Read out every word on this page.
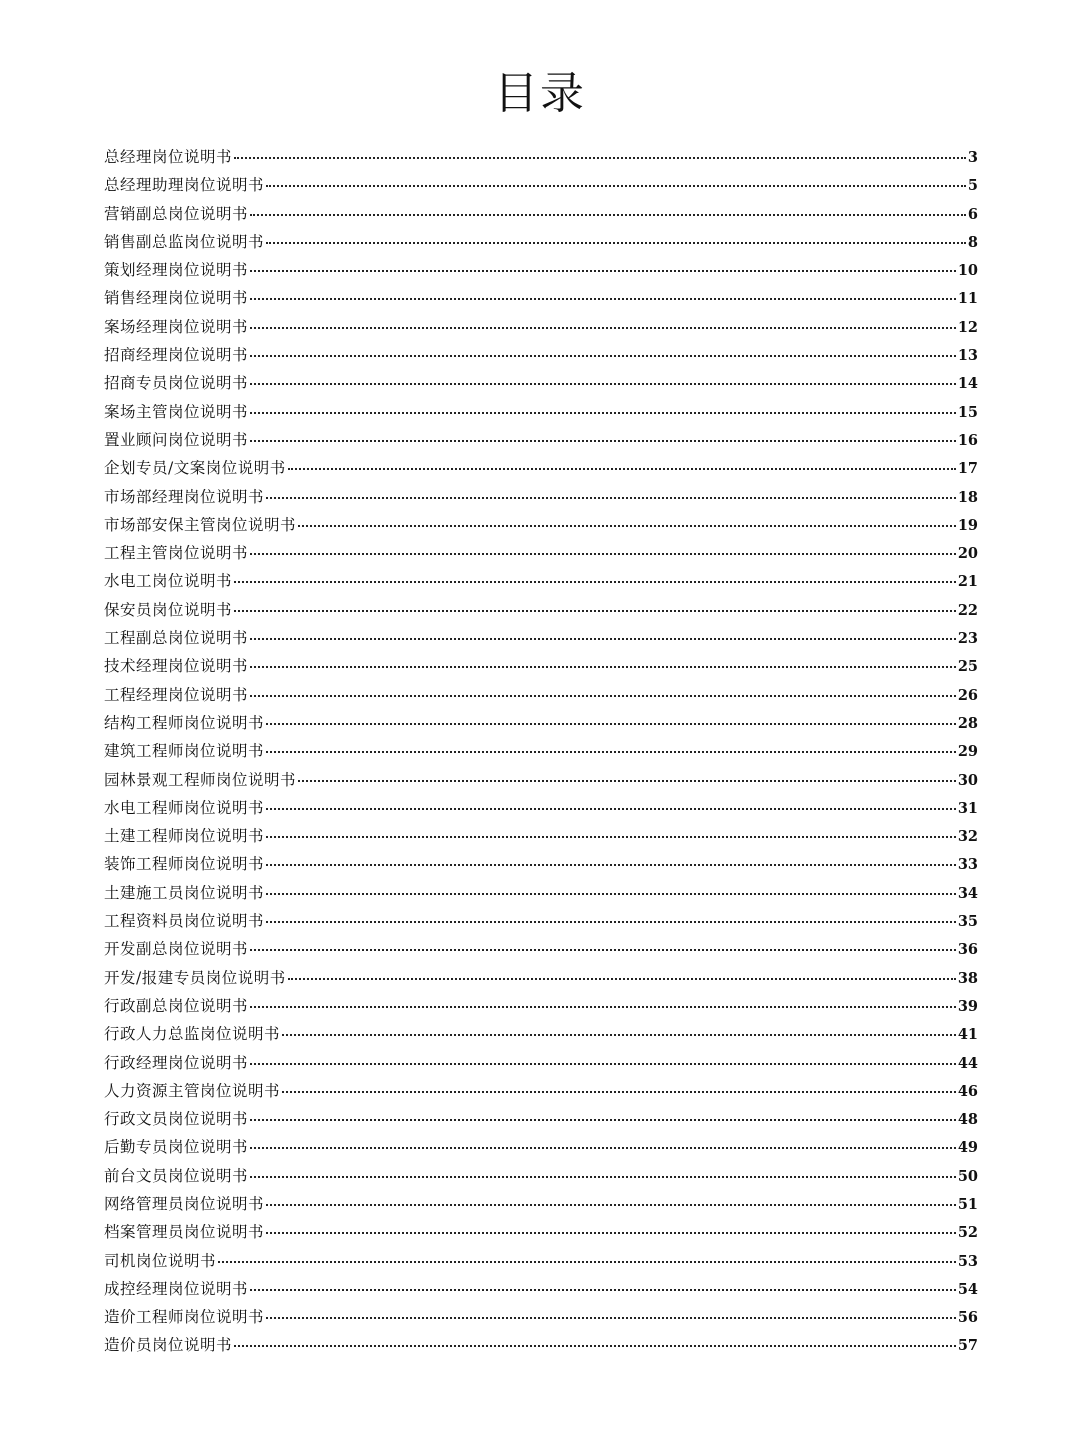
目录
总经理岗位说明书	3
总经理助理岗位说明书	5
营销副总岗位说明书	6
销售副总监岗位说明书	8
策划经理岗位说明书	10
销售经理岗位说明书	11
案场经理岗位说明书	12
招商经理岗位说明书	13
招商专员岗位说明书	14
案场主管岗位说明书	15
置业顾问岗位说明书	16
企划专员/文案岗位说明书	17
市场部经理岗位说明书	18
市场部安保主管岗位说明书	19
工程主管岗位说明书	20
水电工岗位说明书	21
保安员岗位说明书	22
工程副总岗位说明书	23
技术经理岗位说明书	25
工程经理岗位说明书	26
结构工程师岗位说明书	28
建筑工程师岗位说明书	29
园林景观工程师岗位说明书	30
水电工程师岗位说明书	31
土建工程师岗位说明书	32
装饰工程师岗位说明书	33
土建施工员岗位说明书	34
工程资料员岗位说明书	35
开发副总岗位说明书	36
开发/报建专员岗位说明书	38
行政副总岗位说明书	39
行政人力总监岗位说明书	41
行政经理岗位说明书	44
人力资源主管岗位说明书	46
行政文员岗位说明书	48
后勤专员岗位说明书	49
前台文员岗位说明书	50
网络管理员岗位说明书	51
档案管理员岗位说明书	52
司机岗位说明书	53
成控经理岗位说明书	54
造价工程师岗位说明书	56
造价员岗位说明书	57
